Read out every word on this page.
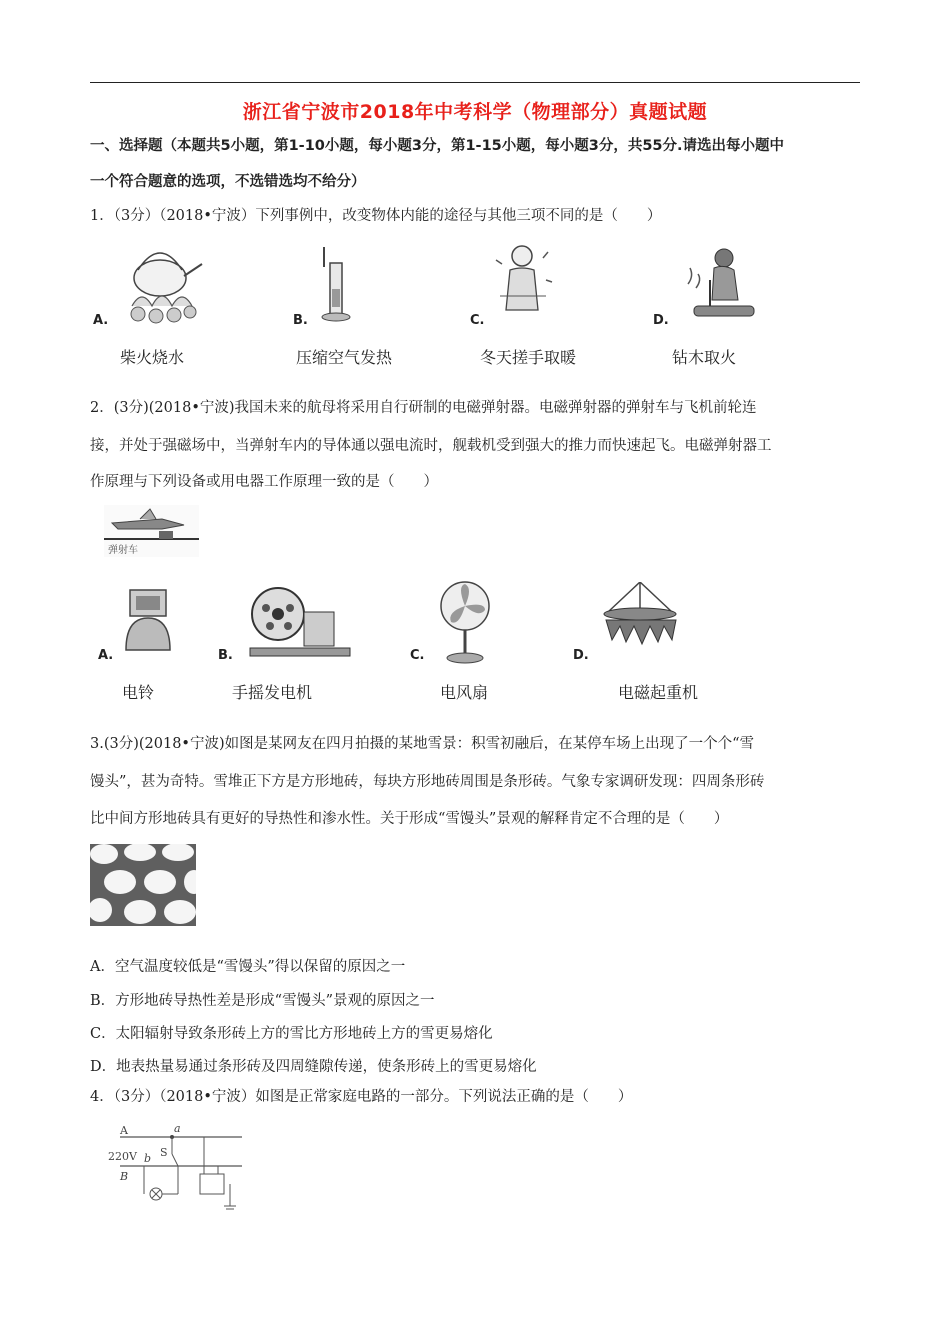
浙江省宁波市2018年中考科学（物理部分）真题试题
一、选择题（本题共5小题，第1-10小题，每小题3分，第1-15小题，每小题3分，共55分.请选出每小题中
一个符合题意的选项，不选错选均不给分）
1．（3分）（2018•宁波）下列事例中，改变物体内能的途径与其他三项不同的是（　　）
A.
柴火烧水
B.
压缩空气发热
C.
冬天搓手取暖
D.
钻木取火
2．(3分)(2018•宁波)我国未来的航母将采用自行研制的电磁弹射器。电磁弹射器的弹射车与飞机前轮连
接，并处于强磁场中，当弹射车内的导体通以强电流时，舰载机受到强大的推力而快速起飞。电磁弹射器工
作原理与下列设备或用电器工作原理一致的是（　　）
弹射车
A.
电铃
B.
手摇发电机
C.
电风扇
D.
电磁起重机
3.(3分)(2018•宁波)如图是某网友在四月拍摄的某地雪景：积雪初融后，在某停车场上出现了一个个“雪
馒头”，甚为奇特。雪堆正下方是方形地砖，每块方形地砖周围是条形砖。气象专家调研发现：四周条形砖
比中间方形地砖具有更好的导热性和渗水性。关于形成“雪馒头”景观的解释肯定不合理的是（　　）
A．空气温度较低是“雪馒头”得以保留的原因之一
B．方形地砖导热性差是形成“雪馒头”景观的原因之一
C．太阳辐射导致条形砖上方的雪比方形地砖上方的雪更易熔化
D．地表热量易通过条形砖及四周缝隙传递，使条形砖上的雪更易熔化
4．（3分）（2018•宁波）如图是正常家庭电路的一部分。下列说法正确的是（　　）
A	a
220V b S
B
